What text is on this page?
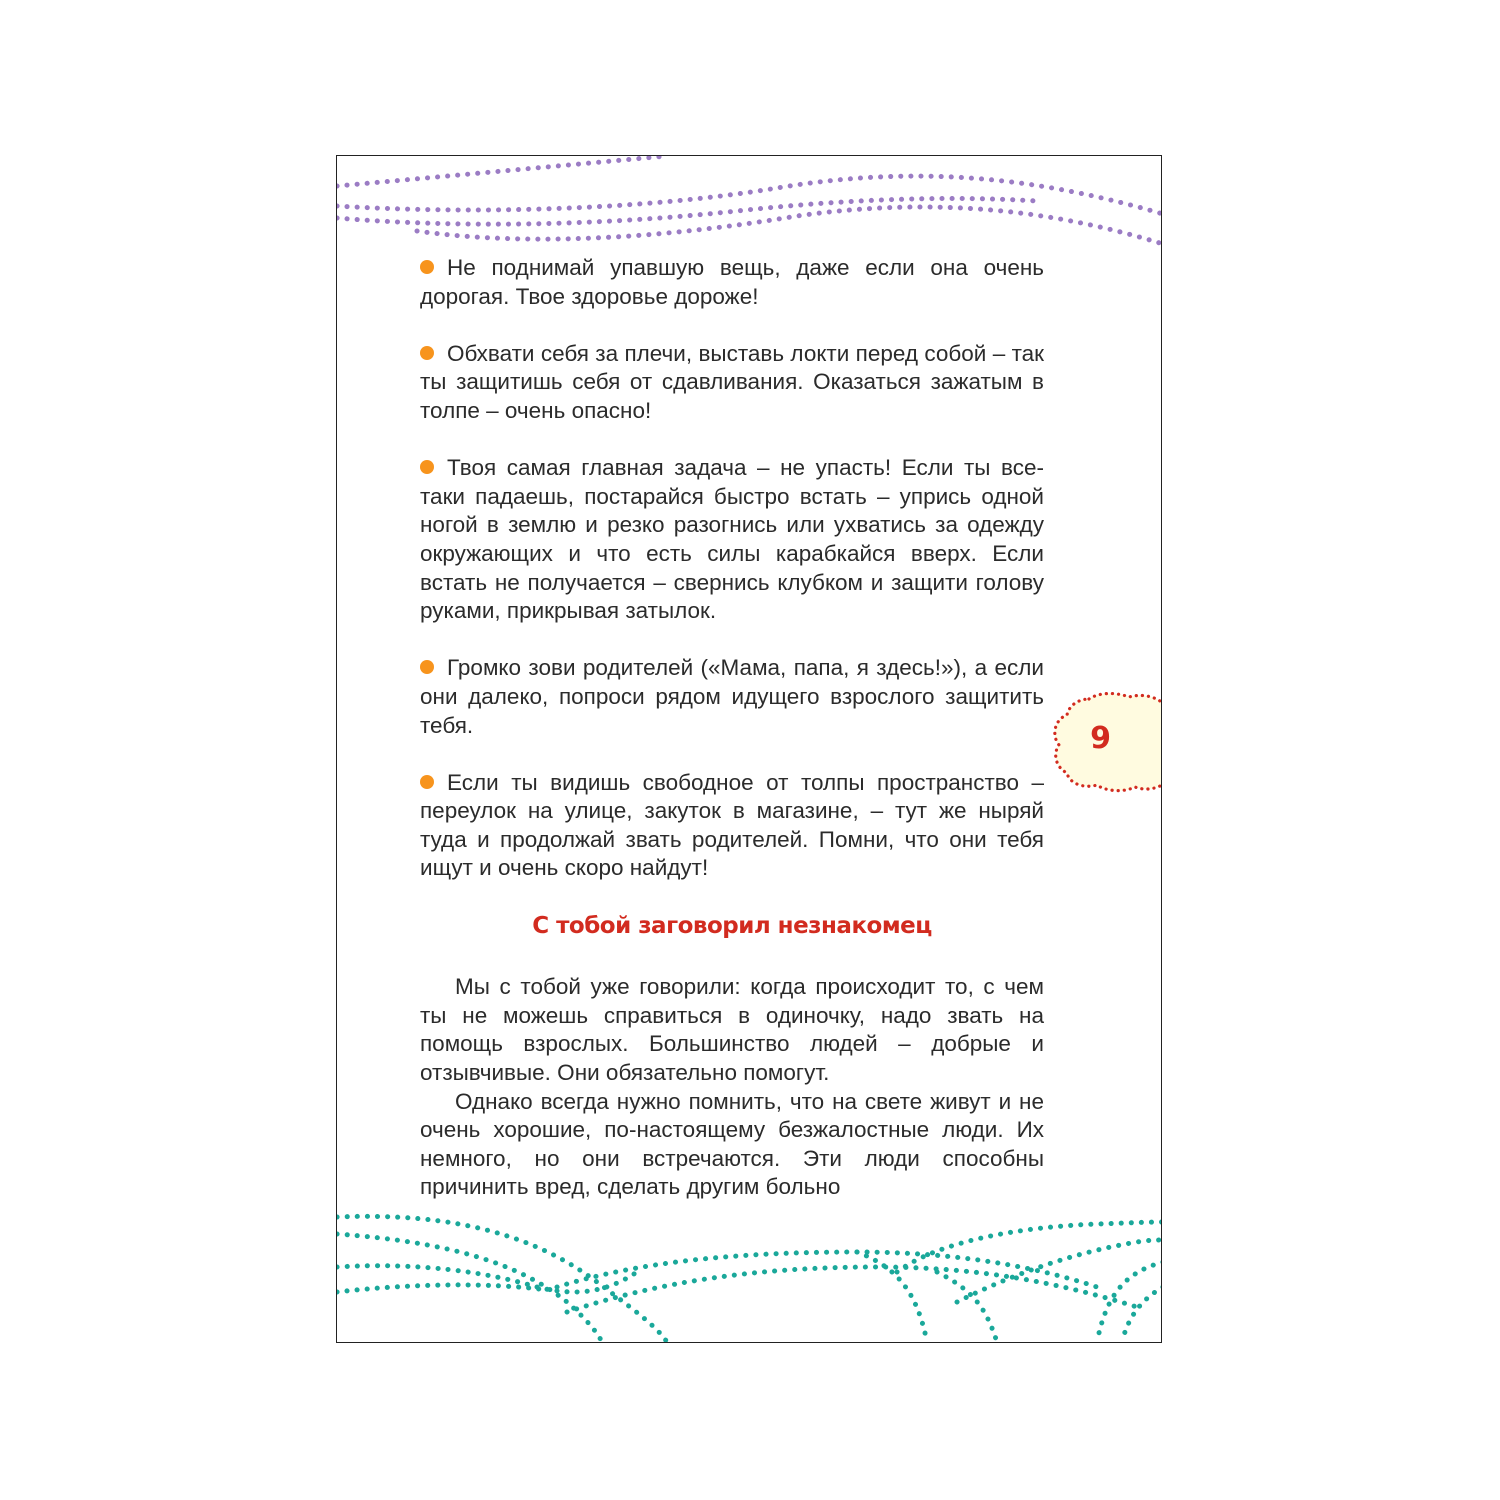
Не поднимай упавшую вещь, даже если она очень дорогая. Твое здоровье дороже!

Обхвати себя за плечи, выставь локти перед собой – так ты защитишь себя от сдавливания. Оказаться зажатым в толпе – очень опасно!

Твоя самая главная задача – не упасть! Если ты все-таки падаешь, постарайся быстро встать – упрись одной ногой в землю и резко разогнись или ухватись за одежду окружающих и что есть силы карабкайся вверх. Если встать не получается – свернись клубком и защити голову руками, прикрывая затылок.

Громко зови родителей («Мама, папа, я здесь!»), а если они далеко, попроси рядом идущего взрослого защитить тебя.

Если ты видишь свободное от толпы пространство – переулок на улице, закуток в магазине, – тут же ныряй туда и продолжай звать родителей. Помни, что они тебя ищут и очень скоро найдут!

С тобой заговорил незнакомец

Мы с тобой уже говорили: когда происходит то, с чем ты не можешь справиться в одиночку, надо звать на помощь взрослых. Большинство людей – добрые и отзывчивые. Они обязательно помогут.

Однако всегда нужно помнить, что на свете живут и не очень хорошие, по-настоящему безжалостные люди. Их немного, но они встречаются. Эти люди способны причинить вред, сделать другим больно

9
